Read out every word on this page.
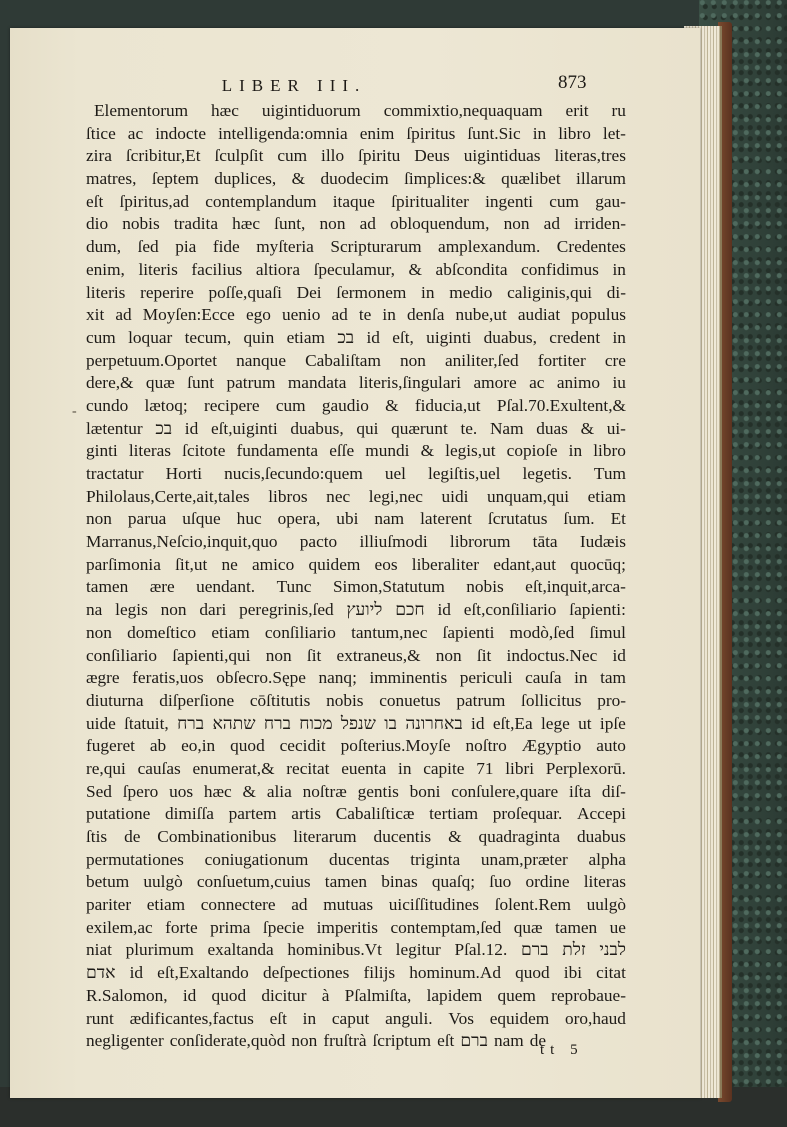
LIBER III.	873
-
Elementorum hæc uigintiduorum commixtio,nequaquam erit ru
ſtice ac indocte intelligenda:omnia enim ſpiritus ſunt.Sic in libro let-
zira ſcribitur,Et ſculpſit cum illo ſpiritu Deus uigintiduas literas,tres
matres, ſeptem duplices, & duodecim ſimplices:& quælibet illarum
eſt ſpiritus,ad contemplandum itaque ſpiritualiter ingenti cum gau-
dio nobis tradita hæc ſunt, non ad obloquendum, non ad irriden-
dum, ſed pia fide myſteria Scripturarum amplexandum. Credentes
enim, literis facilius altiora ſpeculamur, & abſcondita confidimus in
literis reperire poſſe,quaſi Dei ſermonem in medio caliginis,qui di-
xit ad Moyſen:Ecce ego uenio ad te in denſa nube,ut audiat populus
cum loquar tecum, quin etiam בכ id eſt, uiginti duabus, credent in
perpetuum.Oportet nanque Cabaliſtam non aniliter,ſed fortiter cre
dere,& quæ ſunt patrum mandata literis,ſingulari amore ac animo iu
cundo lætoq; recipere cum gaudio & fiducia,ut Pſal.70.Exultent,&
lætentur בכ id eſt,uiginti duabus, qui quærunt te. Nam duas & ui-
ginti literas ſcitote fundamenta eſſe mundi & legis,ut copioſe in libro
tractatur Horti nucis,ſecundo:quem uel legiſtis,uel legetis. Tum
Philolaus,Certe,ait,tales libros nec legi,nec uidi unquam,qui etiam
non parua uſque huc opera, ubi nam laterent ſcrutatus ſum. Et
Marranus,Neſcio,inquit,quo pacto illiuſmodi librorum tāta Iudæis
parſimonia ſit,ut ne amico quidem eos liberaliter edant,aut quocūq;
tamen ære uendant. Tunc Simon,Statutum nobis eſt,inquit,arca-
na legis non dari peregrinis,ſed ליועץ חכם id eſt,conſiliario ſapienti:
non domeſtico etiam conſiliario tantum,nec ſapienti modò,ſed ſimul
conſiliario ſapienti,qui non ſit extraneus,& non ſit indoctus.Nec id
ægre feratis,uos obſecro.Sępe nanq; imminentis periculi cauſa in tam
diuturna diſperſione cōſtitutis nobis conuetus patrum ſollicitus pro-
uide ſtatuit, ברח שתהא ברח מכוח שנפל בו באחרונה id eſt,Ea lege ut ipſe
fugeret ab eo,in quod cecidit poſterius.Moyſe noſtro Ægyptio auto
re,qui cauſas enumerat,& recitat euenta in capite 71 libri Perplexorū.
Sed ſpero uos hæc & alia noſtræ gentis boni conſulere,quare iſta diſ-
putatione dimiſſa partem artis Cabaliſticæ tertiam proſequar. Accepi
ſtis de Combinationibus literarum ducentis & quadraginta duabus
permutationes coniugationum ducentas triginta unam,præter alpha
betum uulgò conſuetum,cuius tamen binas quaſq; ſuo ordine literas
pariter etiam connectere ad mutuas uiciſſitudines ſolent.Rem uulgò
exilem,ac forte prima ſpecie imperitis contemptam,ſed quæ tamen ue
niat plurimum exaltanda hominibus.Vt legitur Pſal.12. ברם זלת לבני
אדם id eſt,Exaltando deſpectiones filijs hominum.Ad quod ibi citat
R.Salomon, id quod dicitur à Pſalmiſta, lapidem quem reprobaue-
runt ædificantes,factus eſt in caput anguli. Vos equidem oro,haud
negligenter conſiderate,quòd non fruſtrà ſcriptum eſt ברם nam de
tt 5
